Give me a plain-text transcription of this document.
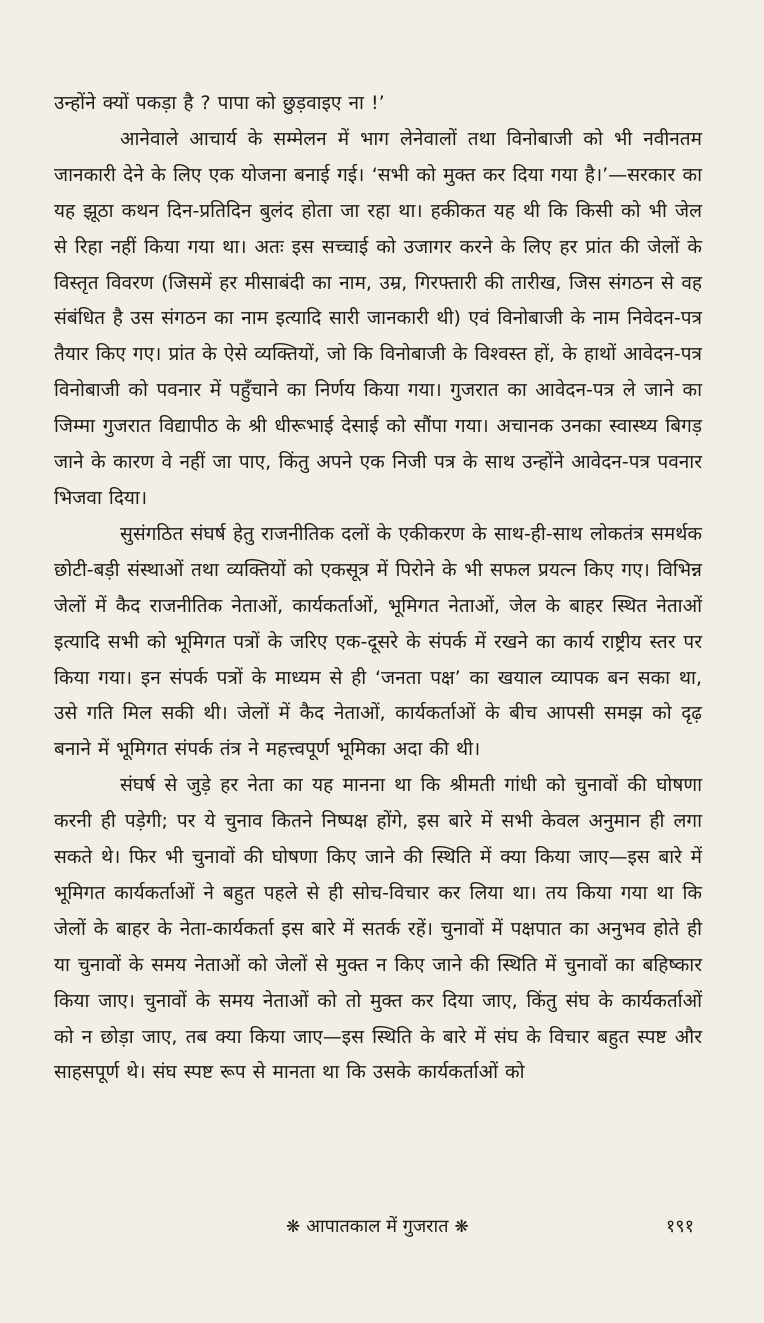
उन्होंने क्यों पकड़ा है ? पापा को छुड़वाइए ना !’

आनेवाले आचार्य के सम्मेलन में भाग लेनेवालों तथा विनोबाजी को भी नवीनतम जानकारी देने के लिए एक योजना बनाई गई। ‘सभी को मुक्त कर दिया गया है।’—सरकार का यह झूठा कथन दिन-प्रतिदिन बुलंद होता जा रहा था। हकीकत यह थी कि किसी को भी जेल से रिहा नहीं किया गया था। अतः इस सच्चाई को उजागर करने के लिए हर प्रांत की जेलों के विस्तृत विवरण (जिसमें हर मीसाबंदी का नाम, उम्र, गिरफ्तारी की तारीख, जिस संगठन से वह संबंधित है उस संगठन का नाम इत्यादि सारी जानकारी थी) एवं विनोबाजी के नाम निवेदन-पत्र तैयार किए गए। प्रांत के ऐसे व्यक्तियों, जो कि विनोबाजी के विश्वस्त हों, के हाथों आवेदन-पत्र विनोबाजी को पवनार में पहुँचाने का निर्णय किया गया। गुजरात का आवेदन-पत्र ले जाने का जिम्मा गुजरात विद्यापीठ के श्री धीरूभाई देसाई को सौंपा गया। अचानक उनका स्वास्थ्य बिगड़ जाने के कारण वे नहीं जा पाए, किंतु अपने एक निजी पत्र के साथ उन्होंने आवेदन-पत्र पवनार भिजवा दिया।

सुसंगठित संघर्ष हेतु राजनीतिक दलों के एकीकरण के साथ-ही-साथ लोकतंत्र समर्थक छोटी-बड़ी संस्थाओं तथा व्यक्तियों को एकसूत्र में पिरोने के भी सफल प्रयत्न किए गए। विभिन्न जेलों में कैद राजनीतिक नेताओं, कार्यकर्ताओं, भूमिगत नेताओं, जेल के बाहर स्थित नेताओं इत्यादि सभी को भूमिगत पत्रों के जरिए एक-दूसरे के संपर्क में रखने का कार्य राष्ट्रीय स्तर पर किया गया। इन संपर्क पत्रों के माध्यम से ही ‘जनता पक्ष’ का खयाल व्यापक बन सका था, उसे गति मिल सकी थी। जेलों में कैद नेताओं, कार्यकर्ताओं के बीच आपसी समझ को दृढ़ बनाने में भूमिगत संपर्क तंत्र ने महत्त्वपूर्ण भूमिका अदा की थी।

संघर्ष से जुड़े हर नेता का यह मानना था कि श्रीमती गांधी को चुनावों की घोषणा करनी ही पड़ेगी; पर ये चुनाव कितने निष्पक्ष होंगे, इस बारे में सभी केवल अनुमान ही लगा सकते थे। फिर भी चुनावों की घोषणा किए जाने की स्थिति में क्या किया जाए—इस बारे में भूमिगत कार्यकर्ताओं ने बहुत पहले से ही सोच-विचार कर लिया था। तय किया गया था कि जेलों के बाहर के नेता-कार्यकर्ता इस बारे में सतर्क रहें। चुनावों में पक्षपात का अनुभव होते ही या चुनावों के समय नेताओं को जेलों से मुक्त न किए जाने की स्थिति में चुनावों का बहिष्कार किया जाए। चुनावों के समय नेताओं को तो मुक्त कर दिया जाए, किंतु संघ के कार्यकर्ताओं को न छोड़ा जाए, तब क्या किया जाए—इस स्थिति के बारे में संघ के विचार बहुत स्पष्ट और साहसपूर्ण थे। संघ स्पष्ट रूप से मानता था कि उसके कार्यकर्ताओं को

❋ आपातकाल में गुजरात ❋	१९१
